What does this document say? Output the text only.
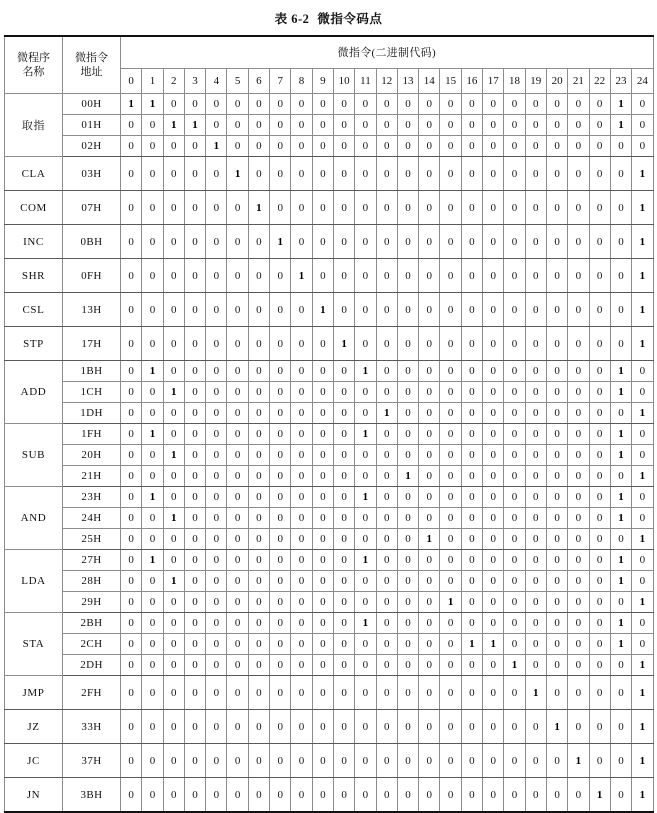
表 6-2 微指令码点
微程序
名称

微指令
地址
	微指令(二进制代码)
		0	1	2	3	4	5	6	7	8	9	10	11	12	13	14	15	16	17	18	19	20	21	22	23	24
取指	00H	1	1	0	0	0	0	0	0	0	0	0	0	0	0	0	0	0	0	0	0	0	0	0	1	0
	01H	0	0	1	1	0	0	0	0	0	0	0	0	0	0	0	0	0	0	0	0	0	0	0	1	0
	02H	0	0	0	0	1	0	0	0	0	0	0	0	0	0	0	0	0	0	0	0	0	0	0	0	0
CLA	03H	0	0	0	0	0	1	0	0	0	0	0	0	0	0	0	0	0	0	0	0	0	0	0	0	1
COM	07H	0	0	0	0	0	0	1	0	0	0	0	0	0	0	0	0	0	0	0	0	0	0	0	0	1
INC	0BH	0	0	0	0	0	0	0	1	0	0	0	0	0	0	0	0	0	0	0	0	0	0	0	0	1
SHR	0FH	0	0	0	0	0	0	0	0	1	0	0	0	0	0	0	0	0	0	0	0	0	0	0	0	1
CSL	13H	0	0	0	0	0	0	0	0	0	1	0	0	0	0	0	0	0	0	0	0	0	0	0	0	1
STP	17H	0	0	0	0	0	0	0	0	0	0	1	0	0	0	0	0	0	0	0	0	0	0	0	0	1
ADD	1BH	0	1	0	0	0	0	0	0	0	0	0	1	0	0	0	0	0	0	0	0	0	0	0	1	0
	1CH	0	0	1	0	0	0	0	0	0	0	0	0	0	0	0	0	0	0	0	0	0	0	0	1	0
	1DH	0	0	0	0	0	0	0	0	0	0	0	0	1	0	0	0	0	0	0	0	0	0	0	0	1
SUB	1FH	0	1	0	0	0	0	0	0	0	0	0	1	0	0	0	0	0	0	0	0	0	0	0	1	0
	20H	0	0	1	0	0	0	0	0	0	0	0	0	0	0	0	0	0	0	0	0	0	0	0	1	0
	21H	0	0	0	0	0	0	0	0	0	0	0	0	0	1	0	0	0	0	0	0	0	0	0	0	1
AND	23H	0	1	0	0	0	0	0	0	0	0	0	1	0	0	0	0	0	0	0	0	0	0	0	1	0
	24H	0	0	1	0	0	0	0	0	0	0	0	0	0	0	0	0	0	0	0	0	0	0	0	1	0
	25H	0	0	0	0	0	0	0	0	0	0	0	0	0	0	1	0	0	0	0	0	0	0	0	0	1
LDA	27H	0	1	0	0	0	0	0	0	0	0	0	1	0	0	0	0	0	0	0	0	0	0	0	1	0
	28H	0	0	1	0	0	0	0	0	0	0	0	0	0	0	0	0	0	0	0	0	0	0	0	1	0
	29H	0	0	0	0	0	0	0	0	0	0	0	0	0	0	0	1	0	0	0	0	0	0	0	0	1
STA	2BH	0	0	0	0	0	0	0	0	0	0	0	1	0	0	0	0	0	0	0	0	0	0	0	1	0
	2CH	0	0	0	0	0	0	0	0	0	0	0	0	0	0	0	0	1	1	0	0	0	0	0	1	0
	2DH	0	0	0	0	0	0	0	0	0	0	0	0	0	0	0	0	0	0	1	0	0	0	0	0	1
JMP	2FH	0	0	0	0	0	0	0	0	0	0	0	0	0	0	0	0	0	0	0	1	0	0	0	0	1
JZ	33H	0	0	0	0	0	0	0	0	0	0	0	0	0	0	0	0	0	0	0	0	1	0	0	0	1
JC	37H	0	0	0	0	0	0	0	0	0	0	0	0	0	0	0	0	0	0	0	0	0	1	0	0	1
JN	3BH	0	0	0	0	0	0	0	0	0	0	0	0	0	0	0	0	0	0	0	0	0	0	1	0	1
